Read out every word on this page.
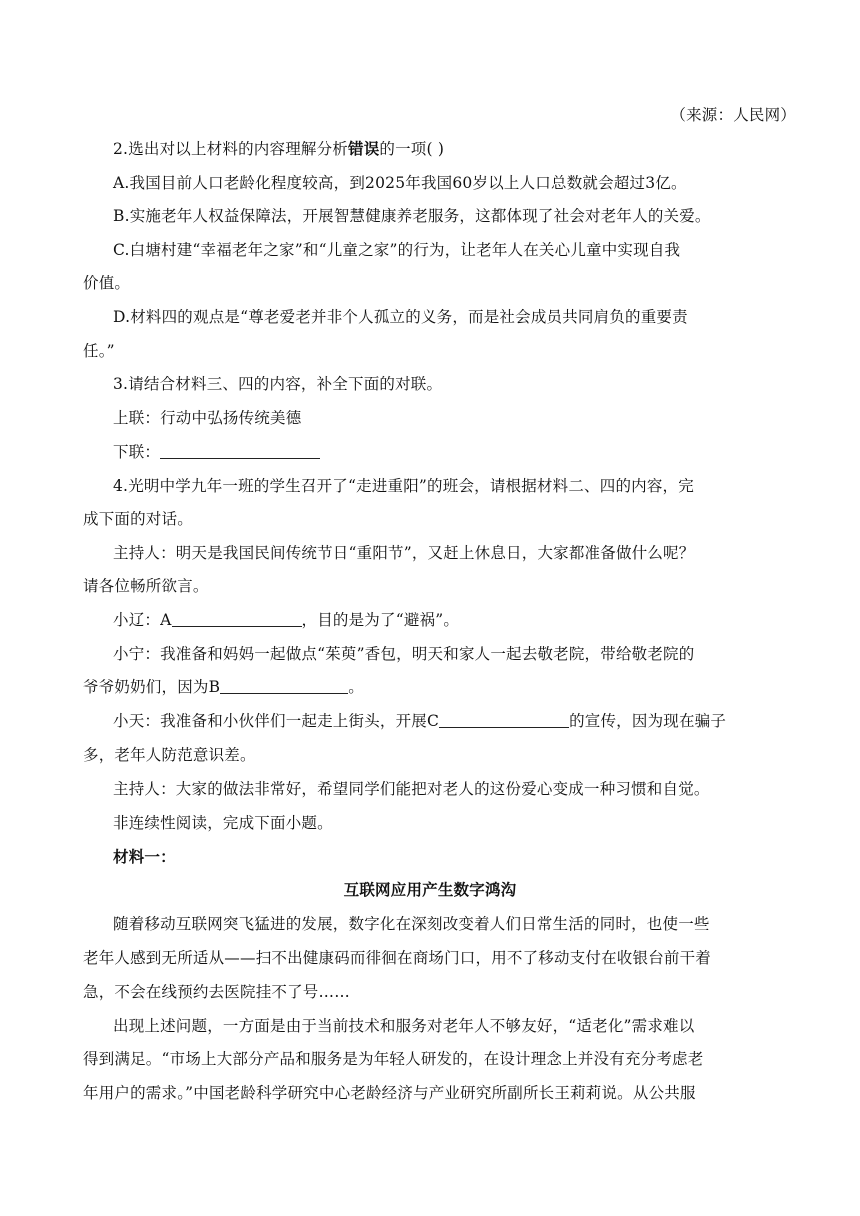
（来源：人民网）
2.选出对以上材料的内容理解分析错误的一项( )
A.我国目前人口老龄化程度较高，到2025年我国60岁以上人口总数就会超过3亿。
B.实施老年人权益保障法，开展智慧健康养老服务，这都体现了社会对老年人的关爱。
C.白塘村建“幸福老年之家”和“儿童之家”的行为，让老年人在关心儿童中实现自我
价值。
D.材料四的观点是“尊老爱老并非个人孤立的义务，而是社会成员共同肩负的重要责
任。”
3.请结合材料三、四的内容，补全下面的对联。
上联：行动中弘扬传统美德
下联：
4.光明中学九年一班的学生召开了“走进重阳”的班会，请根据材料二、四的内容，完
成下面的对话。
主持人：明天是我国民间传统节日“重阳节”，又赶上休息日，大家都准备做什么呢？
请各位畅所欲言。
小辽：A	，目的是为了“避祸”。
小宁：我准备和妈妈一起做点“茱萸”香包，明天和家人一起去敬老院，带给敬老院的
爷爷奶奶们，因为B	。
小天：我准备和小伙伴们一起走上街头，开展C	的宣传，因为现在骗子
多，老年人防范意识差。
主持人：大家的做法非常好，希望同学们能把对老人的这份爱心变成一种习惯和自觉。
非连续性阅读，完成下面小题。
材料一：
互联网应用产生数字鸿沟
随着移动互联网突飞猛进的发展，数字化在深刻改变着人们日常生活的同时，也使一些
老年人感到无所适从——扫不出健康码而徘徊在商场门口，用不了移动支付在收银台前干着
急，不会在线预约去医院挂不了号……
出现上述问题，一方面是由于当前技术和服务对老年人不够友好，“适老化”需求难以
得到满足。“市场上大部分产品和服务是为年轻人研发的，在设计理念上并没有充分考虑老
年用户的需求。”中国老龄科学研究中心老龄经济与产业研究所副所长王莉莉说。从公共服
